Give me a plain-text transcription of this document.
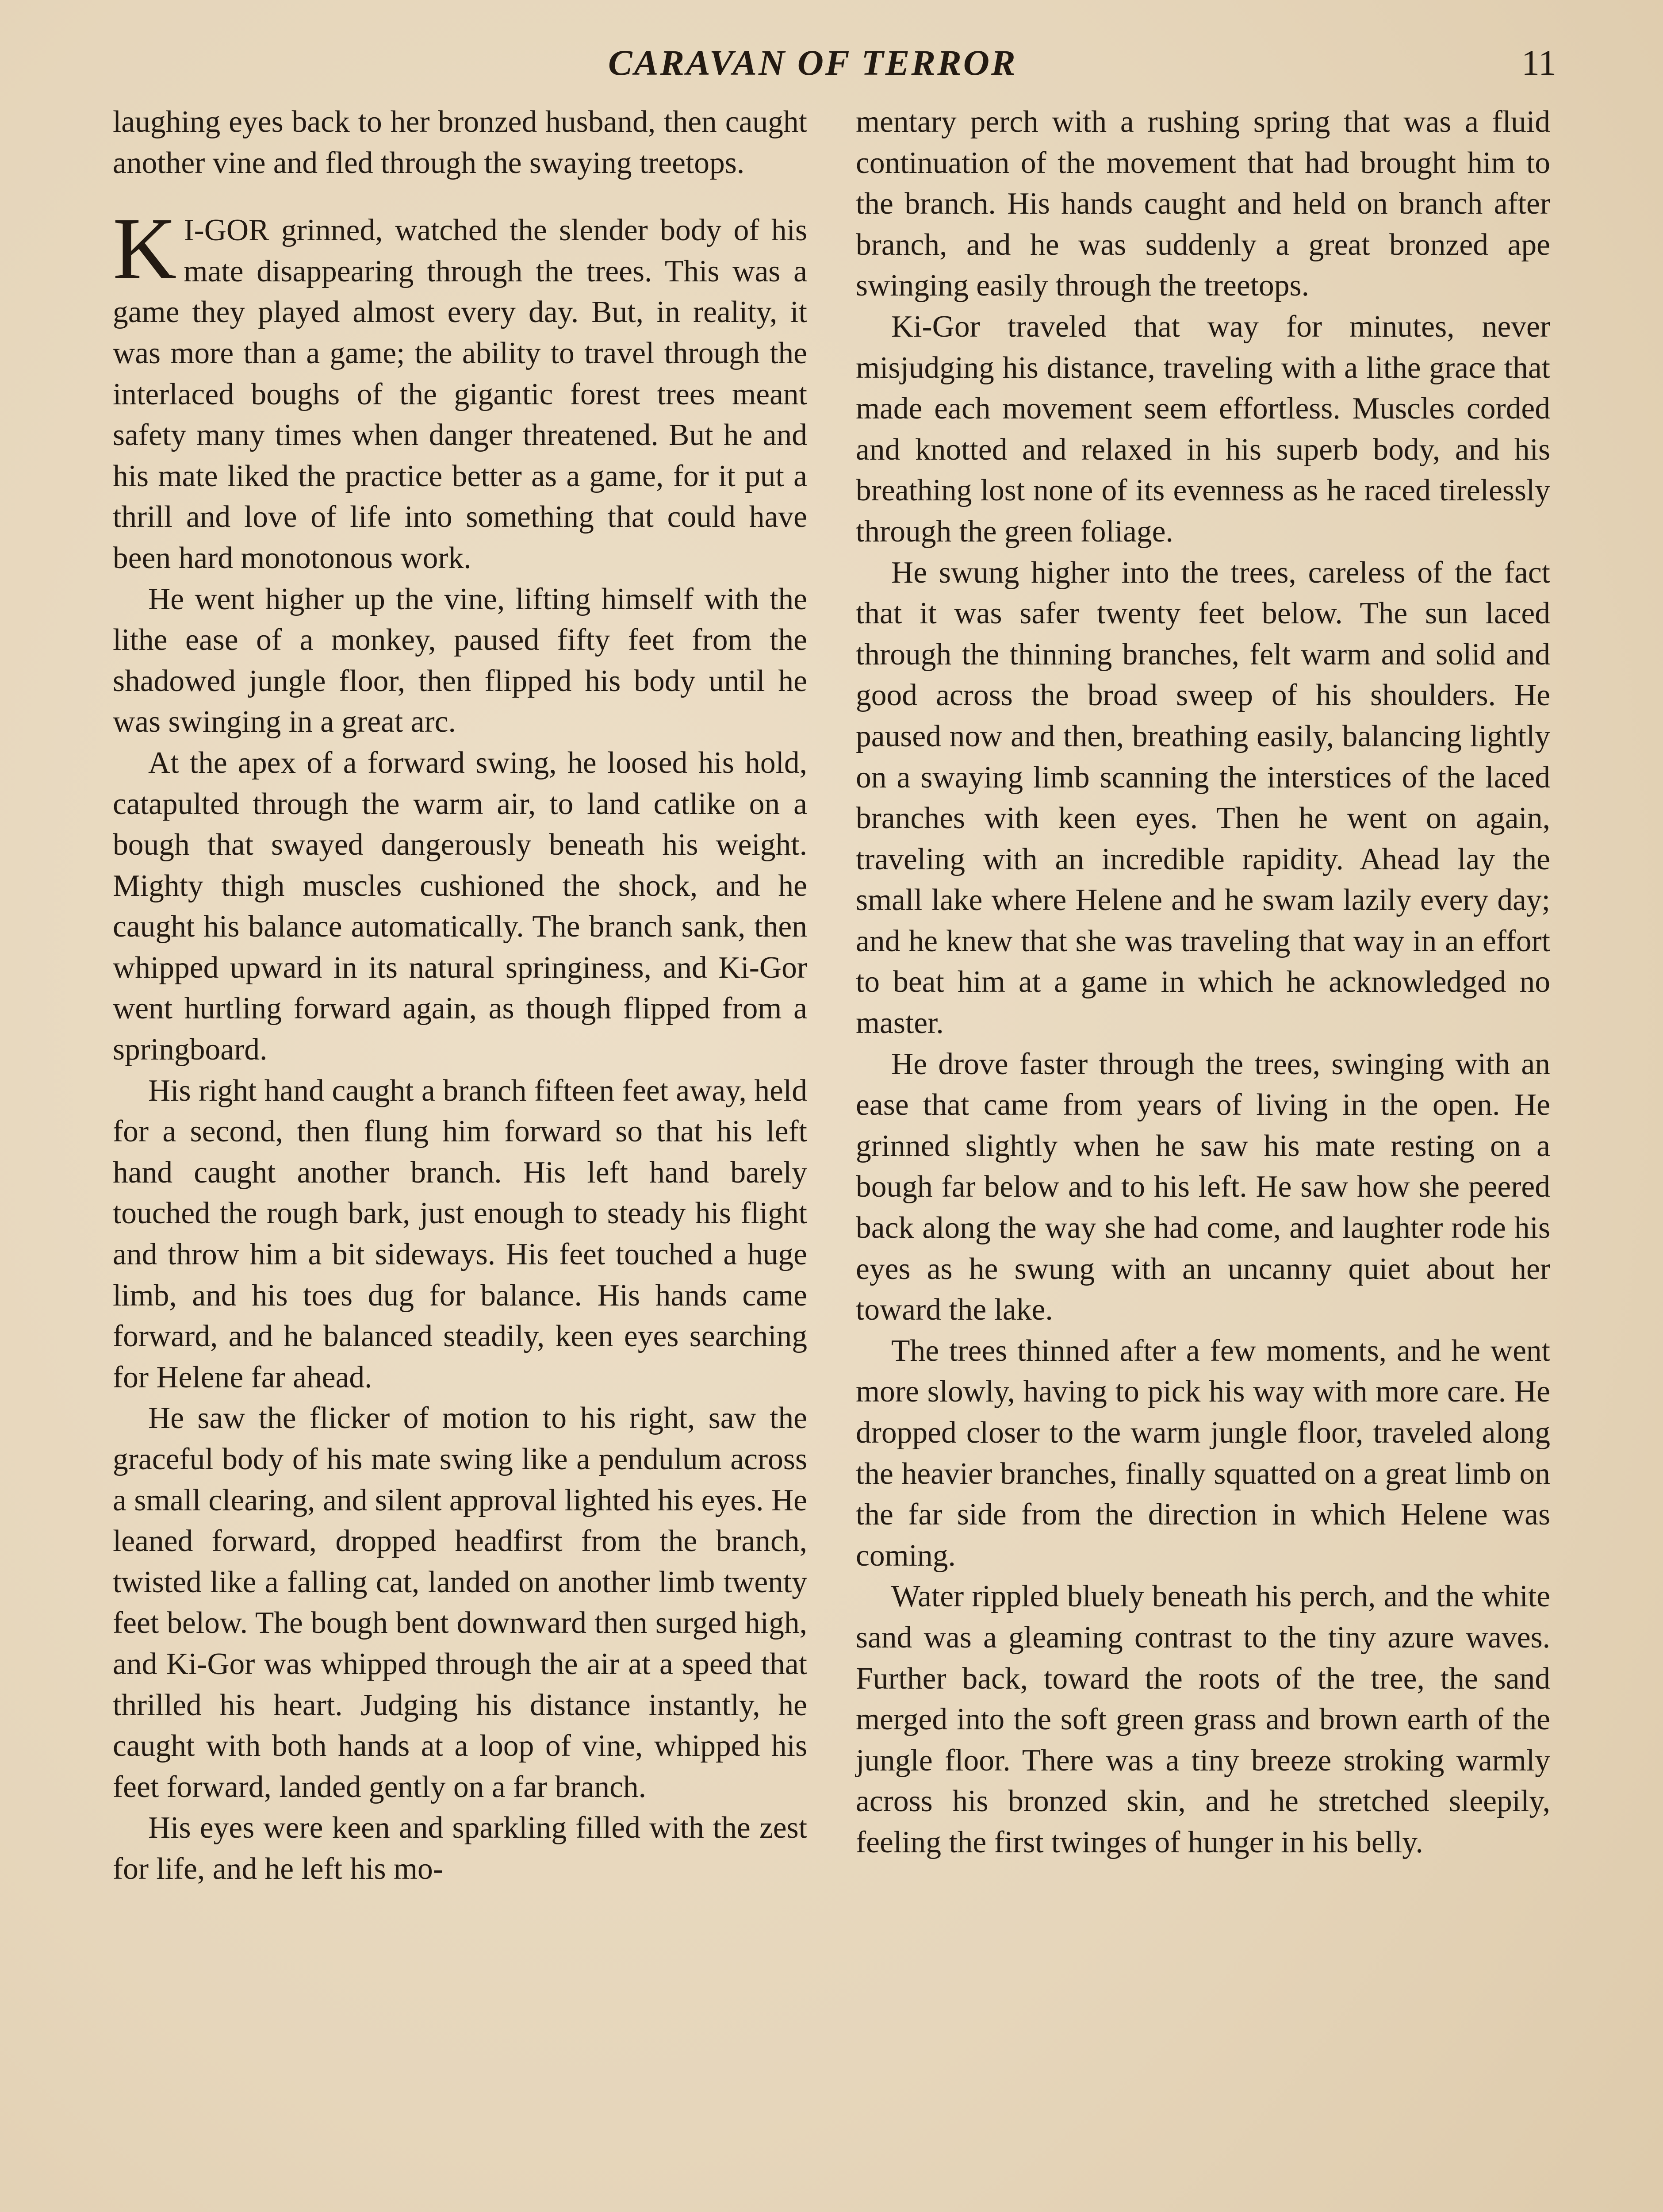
CARAVAN OF TERROR	11

laughing eyes back to her bronzed husband, then caught another vine and fled through the swaying treetops.

K I-GOR grinned, watched the slender body of his mate disappearing through the trees. This was a game they played almost every day. But, in reality, it was more than a game; the ability to travel through the interlaced boughs of the gigantic forest trees meant safety many times when danger threatened. But he and his mate liked the practice better as a game, for it put a thrill and love of life into something that could have been hard monotonous work.

He went higher up the vine, lifting himself with the lithe ease of a monkey, paused fifty feet from the shadowed jungle floor, then flipped his body until he was swinging in a great arc.

At the apex of a forward swing, he loosed his hold, catapulted through the warm air, to land catlike on a bough that swayed dangerously beneath his weight. Mighty thigh muscles cushioned the shock, and he caught his balance automatically. The branch sank, then whipped upward in its natural springiness, and Ki-Gor went hurtling forward again, as though flipped from a springboard.

His right hand caught a branch fifteen feet away, held for a second, then flung him forward so that his left hand caught another branch. His left hand barely touched the rough bark, just enough to steady his flight and throw him a bit sideways. His feet touched a huge limb, and his toes dug for balance. His hands came forward, and he balanced steadily, keen eyes searching for Helene far ahead.

He saw the flicker of motion to his right, saw the graceful body of his mate swing like a pendulum across a small clearing, and silent approval lighted his eyes. He leaned forward, dropped headfirst from the branch, twisted like a falling cat, landed on another limb twenty feet below. The bough bent downward then surged high, and Ki-Gor was whipped through the air at a speed that thrilled his heart. Judging his distance instantly, he caught with both hands at a loop of vine, whipped his feet forward, landed gently on a far branch.

His eyes were keen and sparkling filled with the zest for life, and he left his mo-

mentary perch with a rushing spring that was a fluid continuation of the movement that had brought him to the branch. His hands caught and held on branch after branch, and he was suddenly a great bronzed ape swinging easily through the treetops.

Ki-Gor traveled that way for minutes, never misjudging his distance, traveling with a lithe grace that made each movement seem effortless. Muscles corded and knotted and relaxed in his superb body, and his breathing lost none of its evenness as he raced tirelessly through the green foliage.

He swung higher into the trees, careless of the fact that it was safer twenty feet below. The sun laced through the thinning branches, felt warm and solid and good across the broad sweep of his shoulders. He paused now and then, breathing easily, balancing lightly on a swaying limb scanning the interstices of the laced branches with keen eyes. Then he went on again, traveling with an incredible rapidity. Ahead lay the small lake where Helene and he swam lazily every day; and he knew that she was traveling that way in an effort to beat him at a game in which he acknowledged no master.

He drove faster through the trees, swinging with an ease that came from years of living in the open. He grinned slightly when he saw his mate resting on a bough far below and to his left. He saw how she peered back along the way she had come, and laughter rode his eyes as he swung with an uncanny quiet about her toward the lake.

The trees thinned after a few moments, and he went more slowly, having to pick his way with more care. He dropped closer to the warm jungle floor, traveled along the heavier branches, finally squatted on a great limb on the far side from the direction in which Helene was coming.

Water rippled bluely beneath his perch, and the white sand was a gleaming contrast to the tiny azure waves. Further back, toward the roots of the tree, the sand merged into the soft green grass and brown earth of the jungle floor. There was a tiny breeze stroking warmly across his bronzed skin, and he stretched sleepily, feeling the first twinges of hunger in his belly.
